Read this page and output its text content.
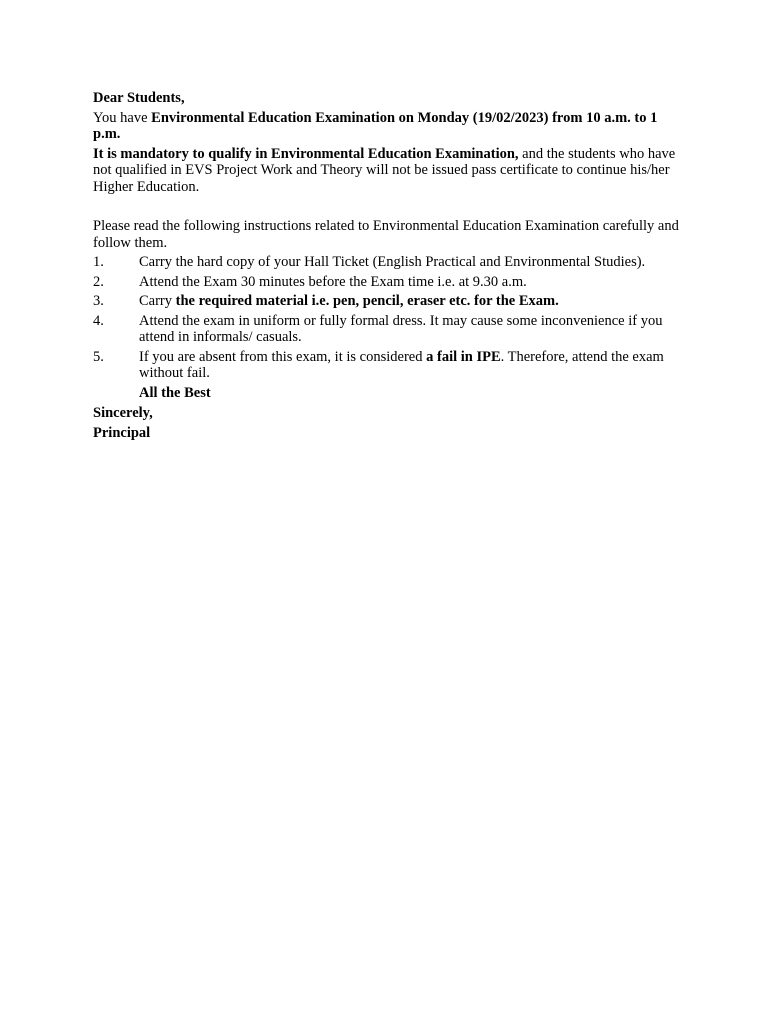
Dear Students,
You have Environmental Education Examination on Monday (19/02/2023) from 10 a.m. to 1 p.m.
It is mandatory to qualify in Environmental Education Examination, and the students who have not qualified in EVS Project Work and Theory will not be issued pass certificate to continue his/her Higher Education.
Please read the following instructions related to Environmental Education Examination carefully and follow them.
1.	Carry the hard copy of your Hall Ticket (English Practical and Environmental Studies).
2.	Attend the Exam 30 minutes before the Exam time i.e. at 9.30 a.m.
3.	Carry the required material i.e. pen, pencil, eraser etc. for the Exam.
4.	Attend the exam in uniform or fully formal dress. It may cause some inconvenience if you attend in informals/ casuals.
5.	If you are absent from this exam, it is considered a fail in IPE. Therefore, attend the exam    without fail.
All the Best
Sincerely,
Principal
